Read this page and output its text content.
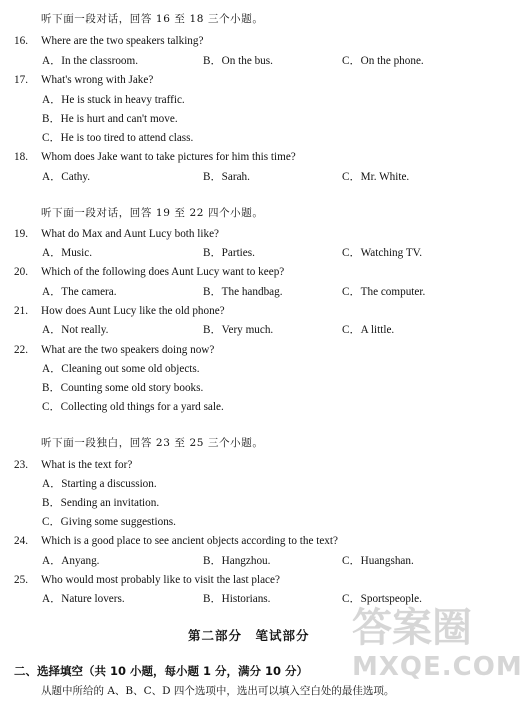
听下面一段对话，回答 16 至 18 三个小题。
16. Where are the two speakers talking?
A．In the classroom.	B．On the bus.	C．On the phone.
17. What's wrong with Jake?
A．He is stuck in heavy traffic.
B．He is hurt and can't move.
C．He is too tired to attend class.
18. Whom does Jake want to take pictures for him this time?
A．Cathy.	B．Sarah.	C．Mr. White.
听下面一段对话，回答 19 至 22 四个小题。
19. What do Max and Aunt Lucy both like?
A．Music.	B．Parties.	C．Watching TV.
20. Which of the following does Aunt Lucy want to keep?
A．The camera.	B．The handbag.	C．The computer.
21. How does Aunt Lucy like the old phone?
A．Not really.	B．Very much.	C．A little.
22. What are the two speakers doing now?
A．Cleaning out some old objects.
B．Counting some old story books.
C．Collecting old things for a yard sale.
听下面一段独白，回答 23 至 25 三个小题。
23. What is the text for?
A．Starting a discussion.
B．Sending an invitation.
C．Giving some suggestions.
24. Which is a good place to see ancient objects according to the text?
A．Anyang.	B．Hangzhou.	C．Huangshan.
25. Who would most probably like to visit the last place?
A．Nature lovers.	B．Historians.	C．Sportspeople.
答案圈
MXQE.COM
第二部分　笔试部分
二、选择填空（共 10 小题，每小题 1 分，满分 10 分）
从题中所给的 A、B、C、D 四个选项中，选出可以填入空白处的最佳选项。
